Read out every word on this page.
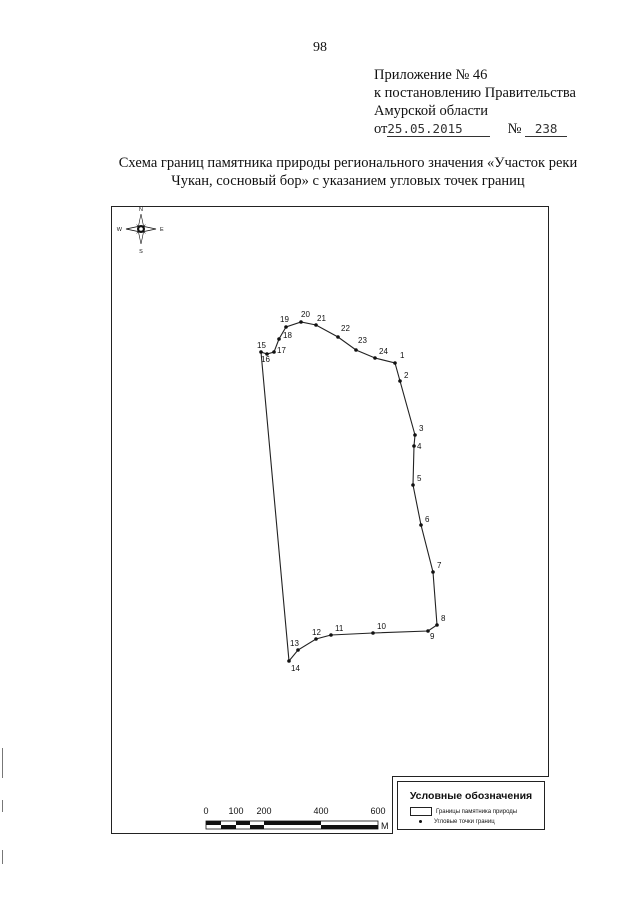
98
Приложение № 46
к постановлению Правительства
Амурской области
от25.05.2015	№ 238
Схема границ памятника природы регионального значения «Участок реки
Чукан, сосновый бор» с указанием угловых точек границ
N
S
E
W
1
2
3
4
5
6
7
8
9
10
11
12
13
14
15
16
17
18
19
20 21
22
23
24
0 100 200	400	600
М
Условные обозначения
Границы памятника природы
Угловые точки границ
